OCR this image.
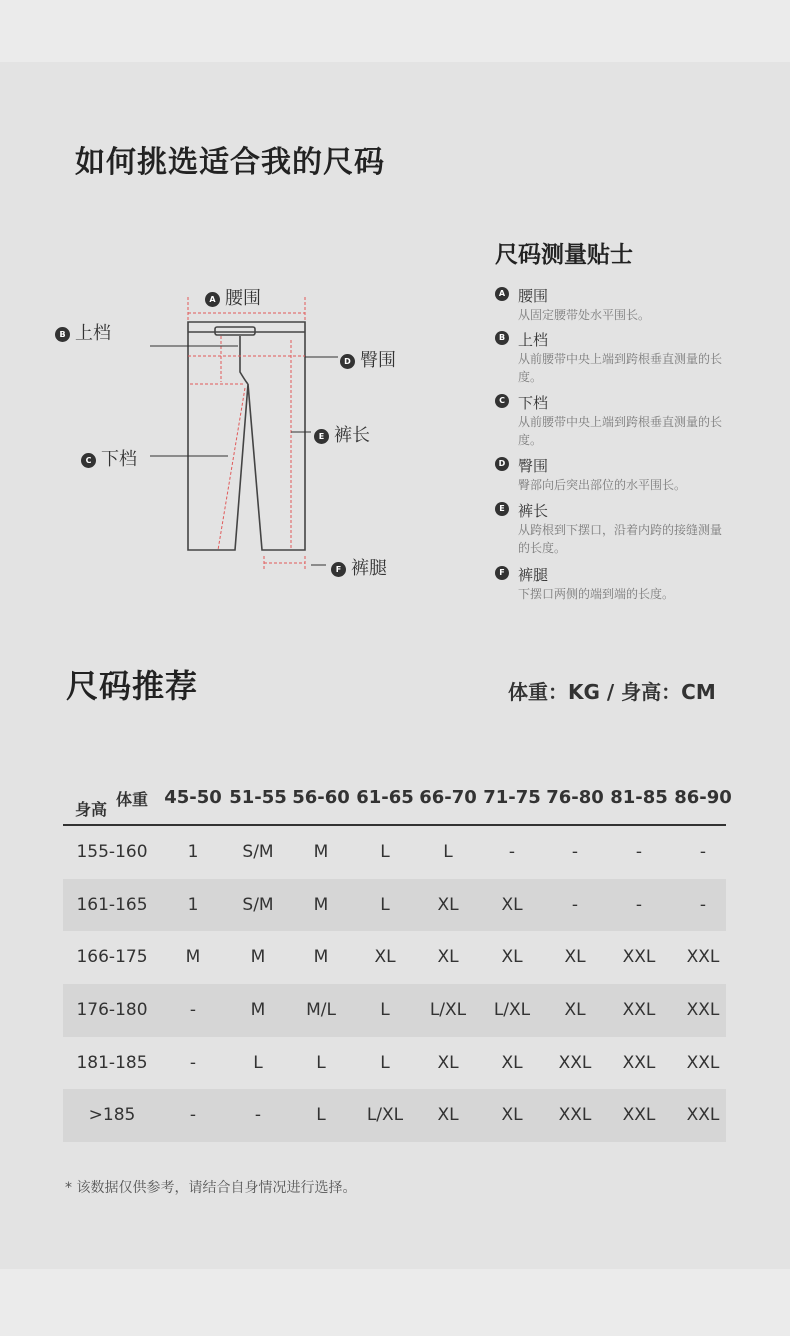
如何挑选适合我的尺码
A 腰围
B 上档
D 臀围
E 裤长
C 下档
F 裤腿
尺码测量贴士
A 腰围
从固定腰带处水平围长。
B 上档
从前腰带中央上端到跨根垂直测量的长度。
C 下档
从前腰带中央上端到跨根垂直测量的长度。
D 臀围
臀部向后突出部位的水平围长。
E 裤长
从跨根到下摆口，沿着内跨的接缝测量的长度。
F 裤腿
下摆口两侧的端到端的长度。
尺码推荐	体重：KG / 身高：CM
身高
体重 45-50 51-55 56-60 61-65 66-70 71-75 76-80 81-85 86-90
155-160	1	S/M	M	L	L	-	-	-	-
161-165	1	S/M	M	L	XL	XL	-	-	-
166-175	M	M	M	XL	XL	XL	XL	XXL	XXL
176-180	-	M	M/L	L	L/XL	L/XL	XL	XXL	XXL
181-185	-	L	L	L	XL	XL	XXL	XXL	XXL
>185	-	-	L	L/XL	XL	XL	XXL	XXL	XXL
* 该数据仅供参考，请结合自身情况进行选择。
